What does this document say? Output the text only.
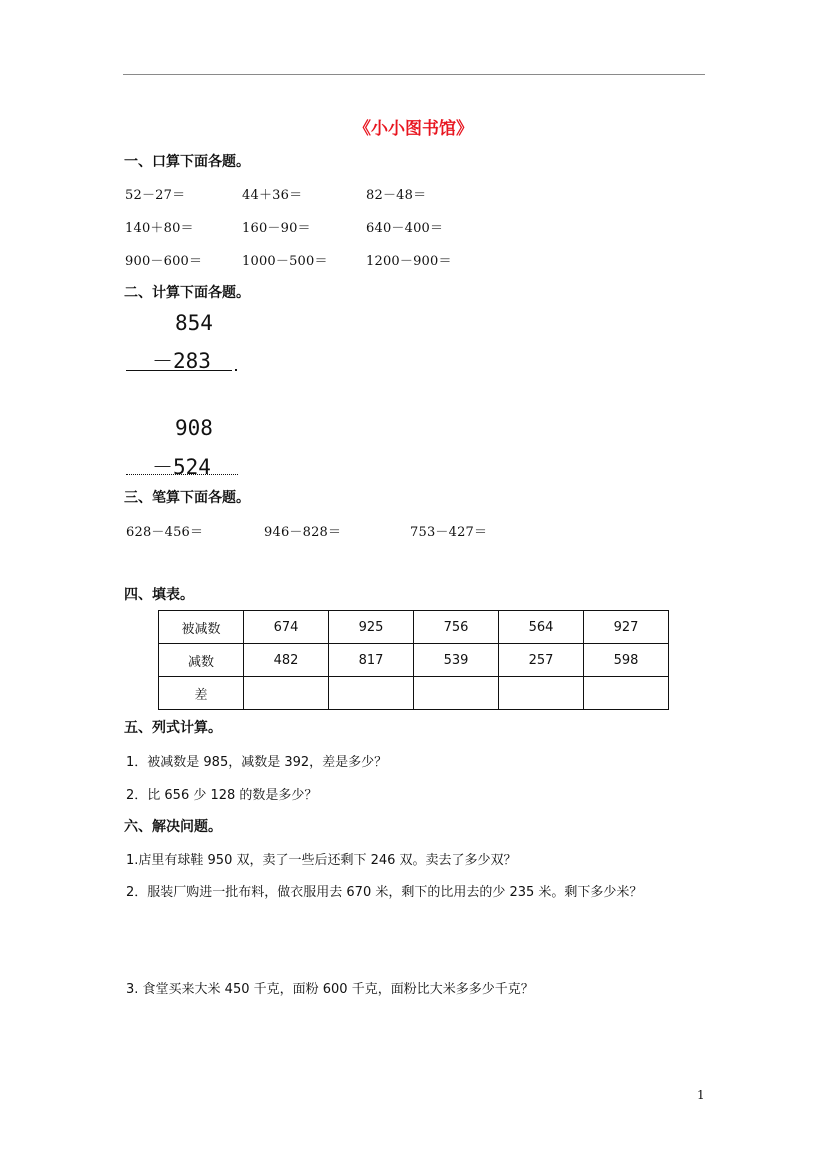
《小小图书馆》
一、口算下面各题。
52－27＝	44＋36＝	82－48＝
140＋80＝	160－90＝	640－400＝
900－600＝	1000－500＝	1200－900＝
二、计算下面各题。
854
－283
908
－524
三、笔算下面各题。
628－456＝	946－828＝	753－427＝
四、填表。
被减数	674	925	756	564	927
减数	482	817	539	257	598
差					
五、列式计算。
1．被减数是 985，减数是 392，差是多少？
2．比 656 少 128 的数是多少？
六、解决问题。
1.店里有球鞋 950 双，卖了一些后还剩下 246 双。卖去了多少双？
2．服装厂购进一批布料，做衣服用去 670 米，剩下的比用去的少 235 米。剩下多少米？
3. 食堂买来大米 450 千克，面粉 600 千克，面粉比大米多多少千克？
1
